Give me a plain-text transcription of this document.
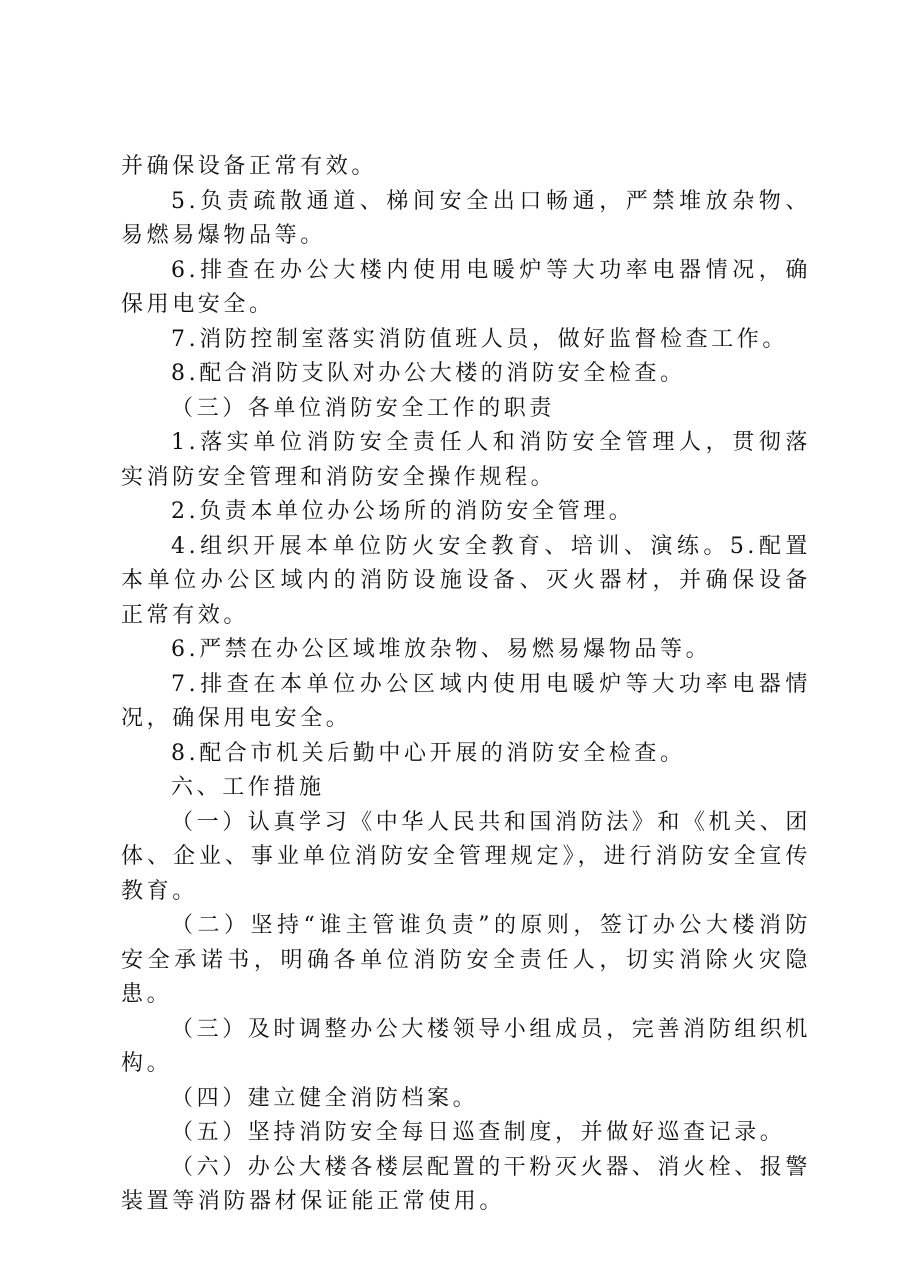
并确保设备正常有效。

5.负责疏散通道、梯间安全出口畅通，严禁堆放杂物、易燃易爆物品等。

6.排查在办公大楼内使用电暖炉等大功率电器情况，确保用电安全。

7.消防控制室落实消防值班人员，做好监督检查工作。

8.配合消防支队对办公大楼的消防安全检查。

（三）各单位消防安全工作的职责

1.落实单位消防安全责任人和消防安全管理人，贯彻落实消防安全管理和消防安全操作规程。

2.负责本单位办公场所的消防安全管理。

4.组织开展本单位防火安全教育、培训、演练。5.配置本单位办公区域内的消防设施设备、灭火器材，并确保设备正常有效。

6.严禁在办公区域堆放杂物、易燃易爆物品等。

7.排查在本单位办公区域内使用电暖炉等大功率电器情况，确保用电安全。

8.配合市机关后勤中心开展的消防安全检查。

六、工作措施

（一）认真学习《中华人民共和国消防法》和《机关、团体、企业、事业单位消防安全管理规定》，进行消防安全宣传教育。

（二）坚持“谁主管谁负责”的原则，签订办公大楼消防安全承诺书，明确各单位消防安全责任人，切实消除火灾隐患。

（三）及时调整办公大楼领导小组成员，完善消防组织机构。

（四）建立健全消防档案。

（五）坚持消防安全每日巡查制度，并做好巡查记录。

（六）办公大楼各楼层配置的干粉灭火器、消火栓、报警装置等消防器材保证能正常使用。
